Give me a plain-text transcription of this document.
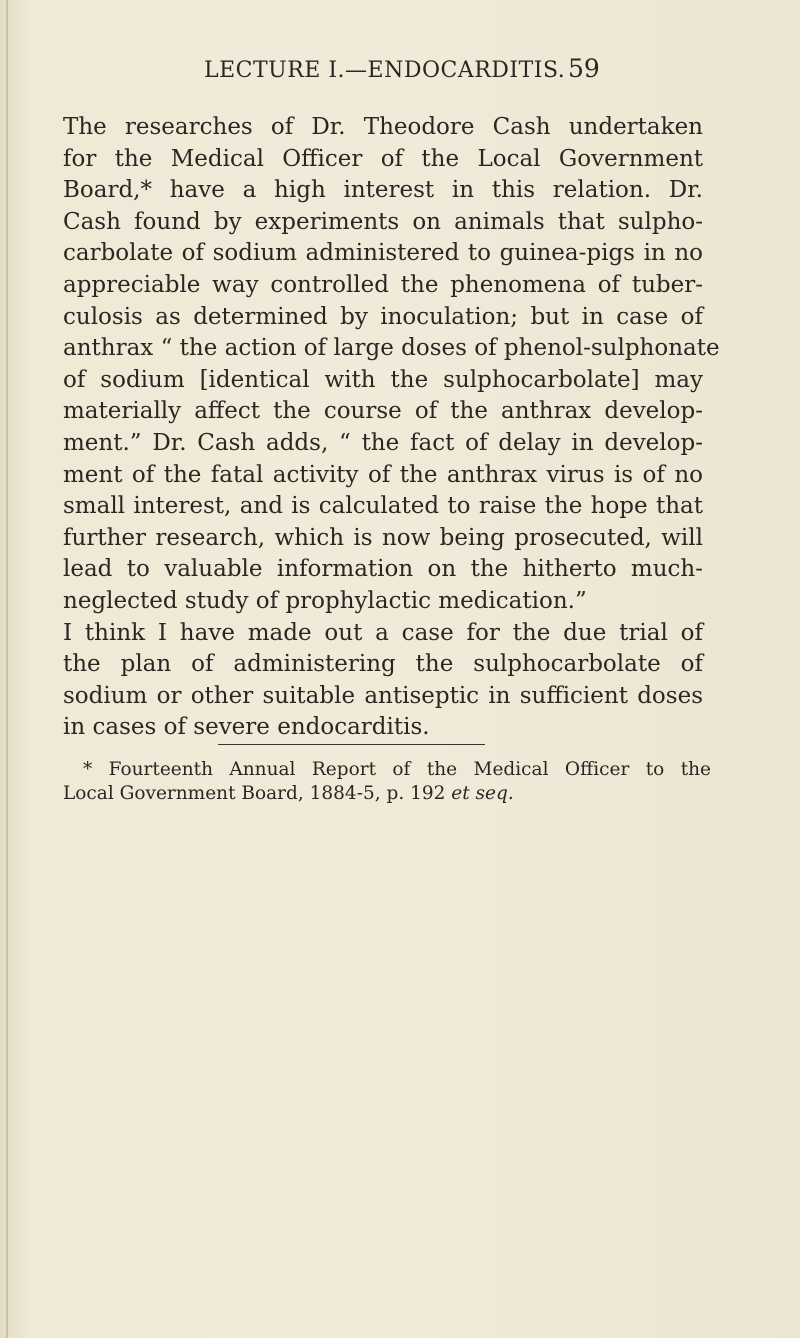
LECTURE I.—ENDOCARDITIS. 59
The researches of Dr. Theodore Cash undertaken
for the Medical Officer of the Local Government
Board,* have a high interest in this relation. Dr.
Cash found by experiments on animals that sulpho-
carbolate of sodium administered to guinea-pigs in no
appreciable way controlled the phenomena of tuber-
culosis as determined by inoculation; but in case of
anthrax “ the action of large doses of phenol-sulphonate
of sodium [identical with the sulphocarbolate] may
materially affect the course of the anthrax develop-
ment.” Dr. Cash adds, “ the fact of delay in develop-
ment of the fatal activity of the anthrax virus is of no
small interest, and is calculated to raise the hope that
further research, which is now being prosecuted, will
lead to valuable information on the hitherto much-
neglected study of prophylactic medication.”
I think I have made out a case for the due trial of
the plan of administering the sulphocarbolate of
sodium or other suitable antiseptic in sufficient doses
in cases of severe endocarditis.
* Fourteenth Annual Report of the Medical Officer to the
Local Government Board, 1884-5, p. 192 et seq.
